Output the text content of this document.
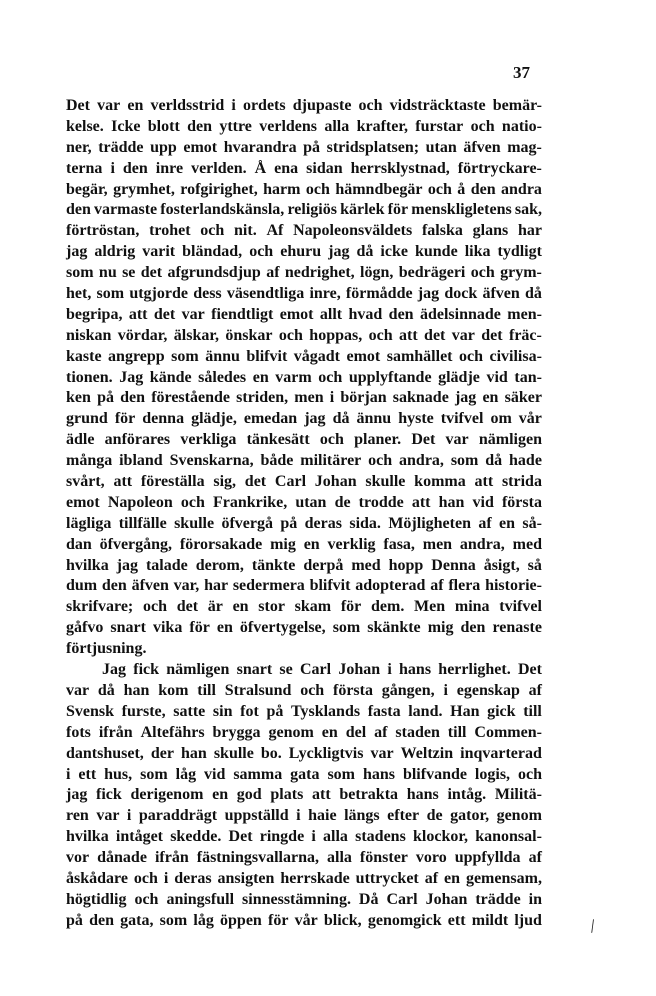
37
Det var en verldsstrid i ordets djupaste och vidsträcktaste bemär-
kelse. Icke blott den yttre verldens alla krafter, furstar och natio-
ner, trädde upp emot hvarandra på stridsplatsen; utan äfven mag-
terna i den inre verlden. Å ena sidan herrsklystnad, förtryckare-
begär, grymhet, rofgirighet, harm och hämndbegär och å den andra
den varmaste fosterlandskänsla, religiös kärlek för menskligletens sak,
förtröstan, trohet och nit. Af Napoleonsväldets falska glans har
jag aldrig varit bländad, och ehuru jag då icke kunde lika tydligt
som nu se det afgrundsdjup af nedrighet, lögn, bedrägeri och grym-
het, som utgjorde dess väsendtliga inre, förmådde jag dock äfven då
begripa, att det var fiendtligt emot allt hvad den ädelsinnade men-
niskan vördar, älskar, önskar och hoppas, och att det var det fräc-
kaste angrepp som ännu blifvit vågadt emot samhället och civilisa-
tionen. Jag kände således en varm och upplyftande glädje vid tan-
ken på den förestående striden, men i början saknade jag en säker
grund för denna glädje, emedan jag då ännu hyste tvifvel om vår
ädle anförares verkliga tänkesätt och planer. Det var nämligen
många ibland Svenskarna, både militärer och andra, som då hade
svårt, att föreställa sig, det Carl Johan skulle komma att strida
emot Napoleon och Frankrike, utan de trodde att han vid första
lägliga tillfälle skulle öfvergå på deras sida. Möjligheten af en så-
dan öfvergång, förorsakade mig en verklig fasa, men andra, med
hvilka jag talade derom, tänkte derpå med hopp Denna åsigt, så
dum den äfven var, har sedermera blifvit adopterad af flera historie-
skrifvare; och det är en stor skam för dem. Men mina tvifvel
gåfvo snart vika för en öfvertygelse, som skänkte mig den renaste
förtjusning.
Jag fick nämligen snart se Carl Johan i hans herrlighet. Det
var då han kom till Stralsund och första gången, i egenskap af
Svensk furste, satte sin fot på Tysklands fasta land. Han gick till
fots ifrån Altefährs brygga genom en del af staden till Commen-
dantshuset, der han skulle bo. Lyckligtvis var Weltzin inqvarterad
i ett hus, som låg vid samma gata som hans blifvande logis, och
jag fick derigenom en god plats att betrakta hans intåg. Militä-
ren var i paraddrägt uppställd i haie längs efter de gator, genom
hvilka intåget skedde. Det ringde i alla stadens klockor, kanonsal-
vor dånade ifrån fästningsvallarna, alla fönster voro uppfyllda af
åskådare och i deras ansigten herrskade uttrycket af en gemensam,
högtidlig och aningsfull sinnesstämning. Då Carl Johan trädde in
på den gata, som låg öppen för vår blick, genomgick ett mildt ljud /
